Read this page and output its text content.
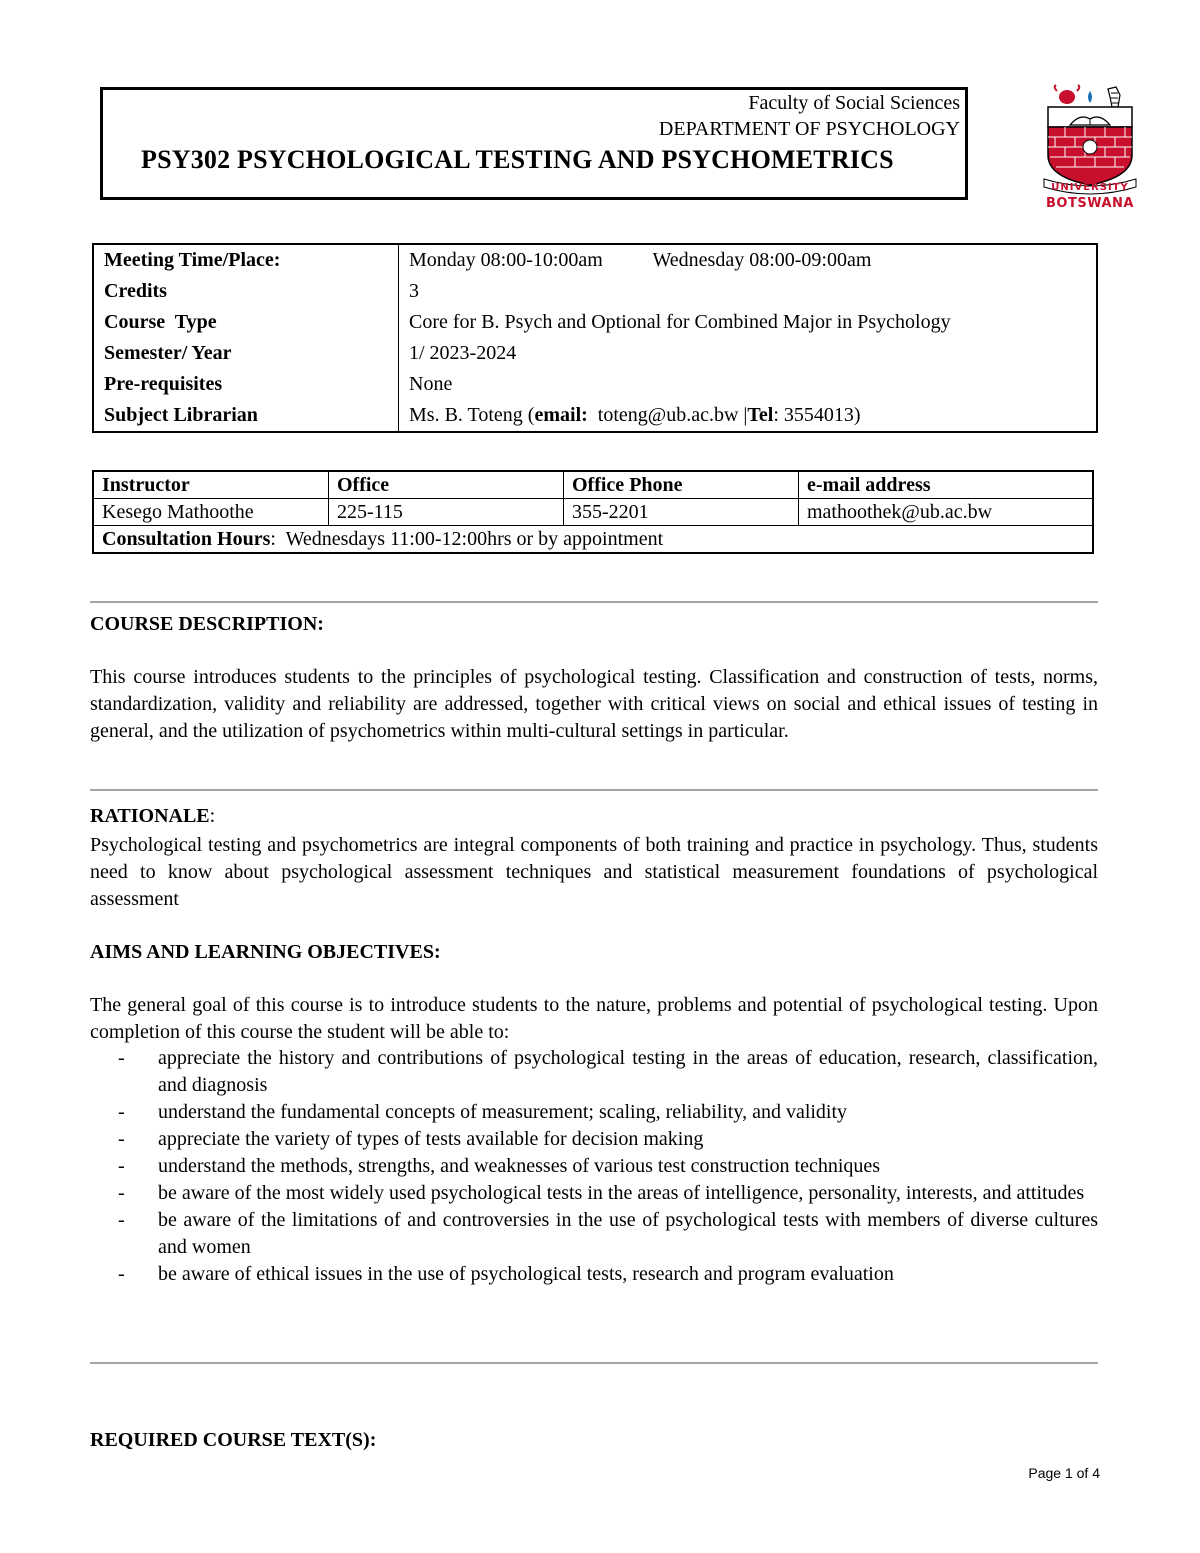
Faculty of Social Sciences
DEPARTMENT OF PSYCHOLOGY
PSY302 PSYCHOLOGICAL TESTING AND PSYCHOMETRICS
UNIVERSITY
BOTSWANA
Meeting Time/Place:	Monday 08:00-10:00am          Wednesday 08:00-09:00am
Credits	3
Course  Type	Core for B. Psych and Optional for Combined Major in Psychology
Semester/ Year	1/ 2023-2024
Pre-requisites	None
Subject Librarian	Ms. B. Toteng (email:  toteng@ub.ac.bw |Tel: 3554013)
Instructor	Office	Office Phone	e-mail address
Kesego Mathoothe	225-115	355-2201	mathoothek@ub.ac.bw
Consultation Hours:  Wednesdays 11:00-12:00hrs or by appointment			
COURSE DESCRIPTION:
This course introduces students to the principles of psychological testing. Classification and construction of tests, norms, standardization, validity and reliability are addressed, together with critical views on social and ethical issues of testing in general, and the utilization of psychometrics within multi-cultural settings in particular.
RATIONALE:
Psychological testing and psychometrics are integral components of both training and practice in psychology. Thus, students need to know about psychological assessment techniques and statistical measurement foundations of psychological assessment
AIMS AND LEARNING OBJECTIVES:
The general goal of this course is to introduce students to the nature, problems and potential of psychological testing. Upon completion of this course the student will be able to:
- appreciate the history and contributions of psychological testing in the areas of education, research, classification, and diagnosis
- understand the fundamental concepts of measurement; scaling, reliability, and validity
- appreciate the variety of types of tests available for decision making
- understand the methods, strengths, and weaknesses of various test construction techniques
- be aware of the most widely used psychological tests in the areas of intelligence, personality, interests, and attitudes
- be aware of the limitations of and controversies in the use of psychological tests with members of diverse cultures and women
- be aware of ethical issues in the use of psychological tests, research and program evaluation
REQUIRED COURSE TEXT(S):
Page 1 of 4
